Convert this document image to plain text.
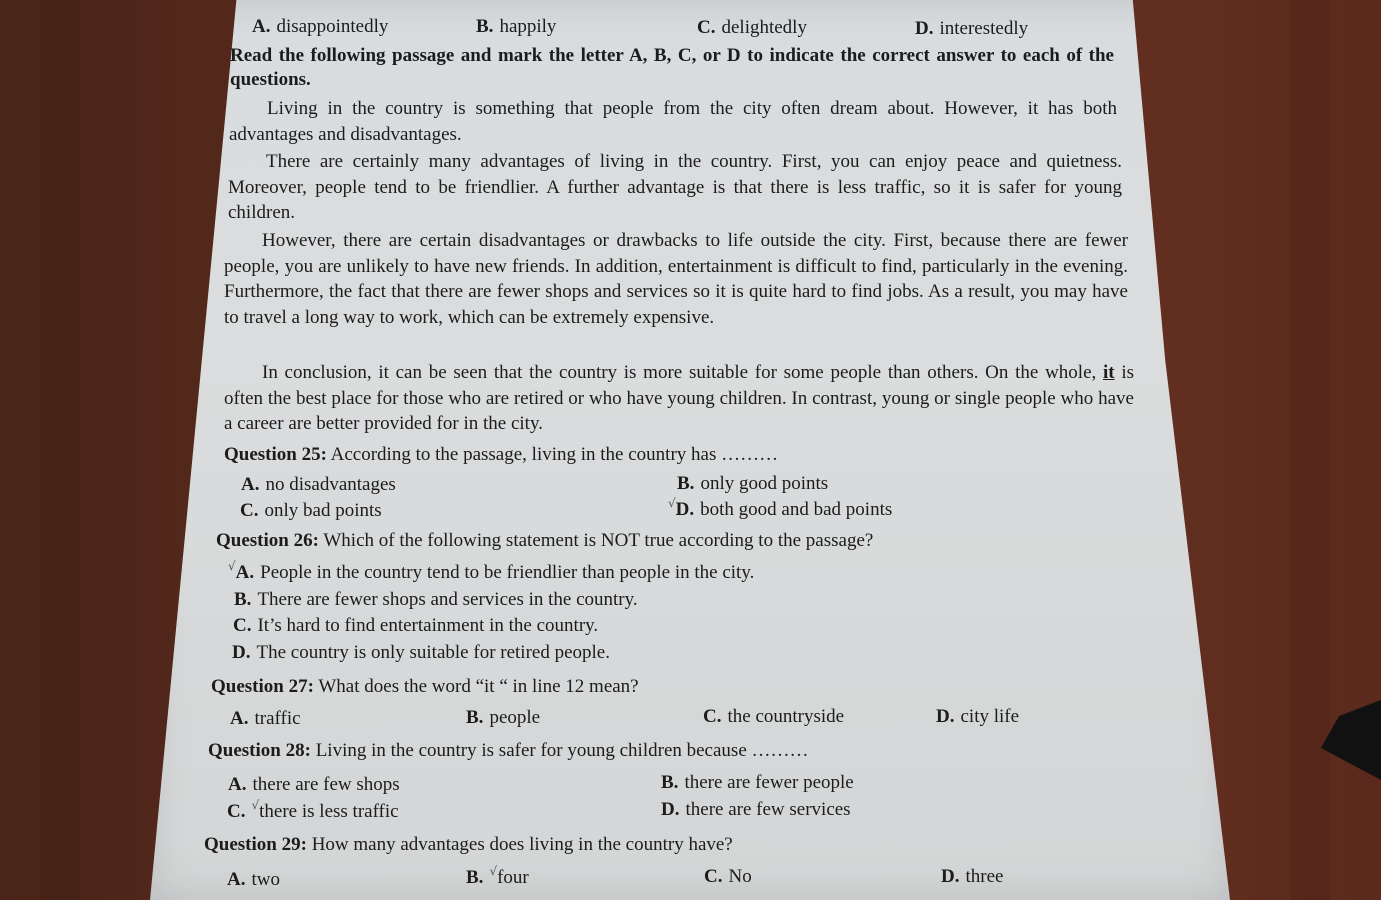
A. disappointedly	B. happily	C. delightedly	D. interestedly
Read the following passage and mark the letter A, B, C, or D to indicate the correct answer to each of the questions.
Living in the country is something that people from the city often dream about. However, it has both advantages and disadvantages.
There are certainly many advantages of living in the country. First, you can enjoy peace and quietness. Moreover, people tend to be friendlier. A further advantage is that there is less traffic, so it is safer for young children.
However, there are certain disadvantages or drawbacks to life outside the city. First, because there are fewer people, you are unlikely to have new friends. In addition, entertainment is difficult to find, particularly in the evening. Furthermore, the fact that there are fewer shops and services so it is quite hard to find jobs. As a result, you may have to travel a long way to work, which can be extremely expensive.
In conclusion, it can be seen that the country is more suitable for some people than others. On the whole, it is often the best place for those who are retired or who have young children. In contrast, young or single people who have a career are better provided for in the city.
Question 25: According to the passage, living in the country has ………
A. no disadvantages	B. only good points
C. only bad points	√D. both good and bad points
Question 26: Which of the following statement is NOT true according to the passage?
√A. People in the country tend to be friendlier than people in the city.
B. There are fewer shops and services in the country.
C. It’s hard to find entertainment in the country.
D. The country is only suitable for retired people.
Question 27: What does the word “it “ in line 12 mean?
A. traffic	B. people	C. the countryside	D. city life
Question 28: Living in the country is safer for young children because ………
A. there are few shops	B. there are fewer people
C. √there is less traffic	D. there are few services
Question 29: How many advantages does living in the country have?
A. two	B. √four	C. No	D. three
